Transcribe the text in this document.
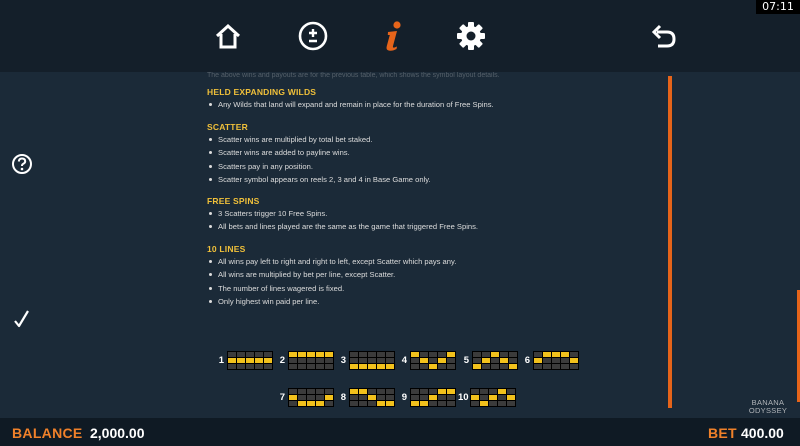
07:11
The above wins and payouts are for the previous table, which shows the symbol layout details.
HELD EXPANDING WILDS
Any Wilds that land will expand and remain in place for the duration of Free Spins.
SCATTER
Scatter wins are multiplied by total bet staked.
Scatter wins are added to payline wins.
Scatters pay in any position.
Scatter symbol appears on reels 2, 3 and 4 in Base Game only.
FREE SPINS
3 Scatters trigger 10 Free Spins.
All bets and lines played are the same as the game that triggered Free Spins.
10 LINES
All wins pay left to right and right to left, except Scatter which pays any.
All wins are multiplied by bet per line, except Scatter.
The number of lines wagered is fixed.
Only highest win paid per line.
1	2	3	4	5	6
7	8	9	10	BANANA
ODYSSEY
BALANCE 2,000.00	BET 400.00
